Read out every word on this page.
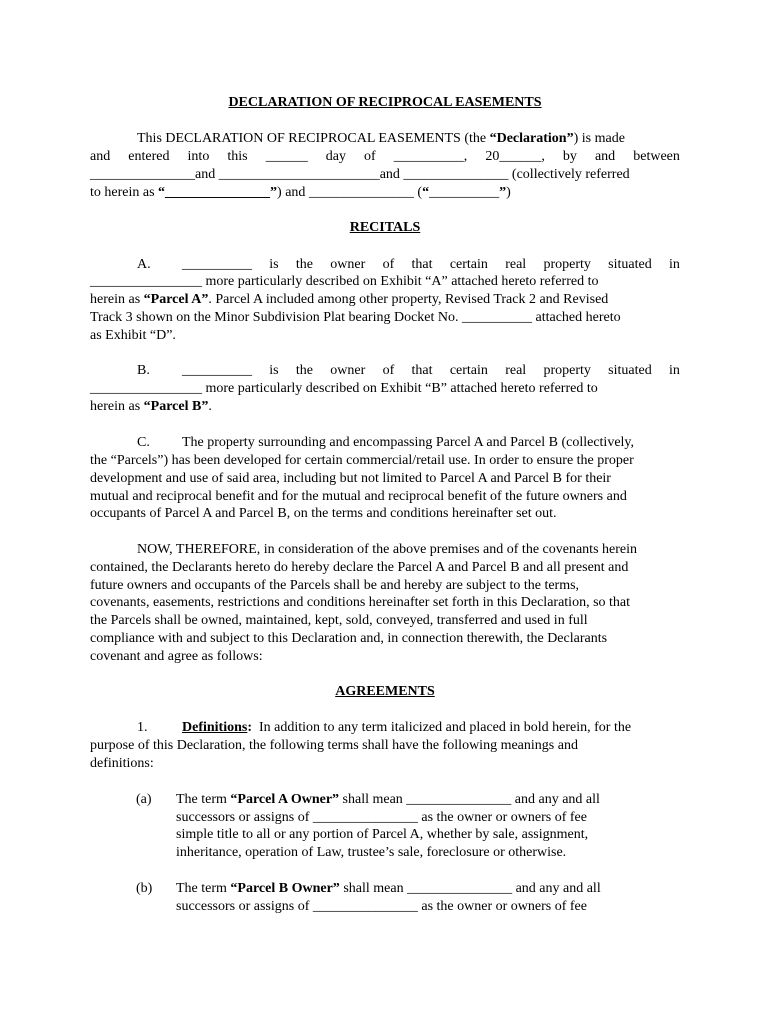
DECLARATION OF RECIPROCAL EASEMENTS
This DECLARATION OF RECIPROCAL EASEMENTS (the “Declaration”) is made
and entered into this ______ day of __________, 20______, by and between
_______________and _______________________and _______________ (collectively referred
to herein as “_______________”) and _______________ (“__________”)
RECITALS
A. __________ is the owner of that certain real property situated in
________________ more particularly described on Exhibit “A” attached hereto referred to
herein as “Parcel A”. Parcel A included among other property, Revised Track 2 and Revised
Track 3 shown on the Minor Subdivision Plat bearing Docket No. __________ attached hereto
as Exhibit “D”.
B. __________ is the owner of that certain real property situated in
________________ more particularly described on Exhibit “B” attached hereto referred to
herein as “Parcel B”.
C. The property surrounding and encompassing Parcel A and Parcel B (collectively,
the “Parcels”) has been developed for certain commercial/retail use. In order to ensure the proper
development and use of said area, including but not limited to Parcel A and Parcel B for their
mutual and reciprocal benefit and for the mutual and reciprocal benefit of the future owners and
occupants of Parcel A and Parcel B, on the terms and conditions hereinafter set out.
NOW, THEREFORE, in consideration of the above premises and of the covenants herein
contained, the Declarants hereto do hereby declare the Parcel A and Parcel B and all present and
future owners and occupants of the Parcels shall be and hereby are subject to the terms,
covenants, easements, restrictions and conditions hereinafter set forth in this Declaration, so that
the Parcels shall be owned, maintained, kept, sold, conveyed, transferred and used in full
compliance with and subject to this Declaration and, in connection therewith, the Declarants
covenant and agree as follows:
AGREEMENTS
1. Definitions: In addition to any term italicized and placed in bold herein, for the
purpose of this Declaration, the following terms shall have the following meanings and
definitions:
(a) The term “Parcel A Owner” shall mean _______________ and any and all
successors or assigns of _______________ as the owner or owners of fee
simple title to all or any portion of Parcel A, whether by sale, assignment,
inheritance, operation of Law, trustee’s sale, foreclosure or otherwise.
(b) The term “Parcel B Owner” shall mean _______________ and any and all
successors or assigns of _______________ as the owner or owners of fee
